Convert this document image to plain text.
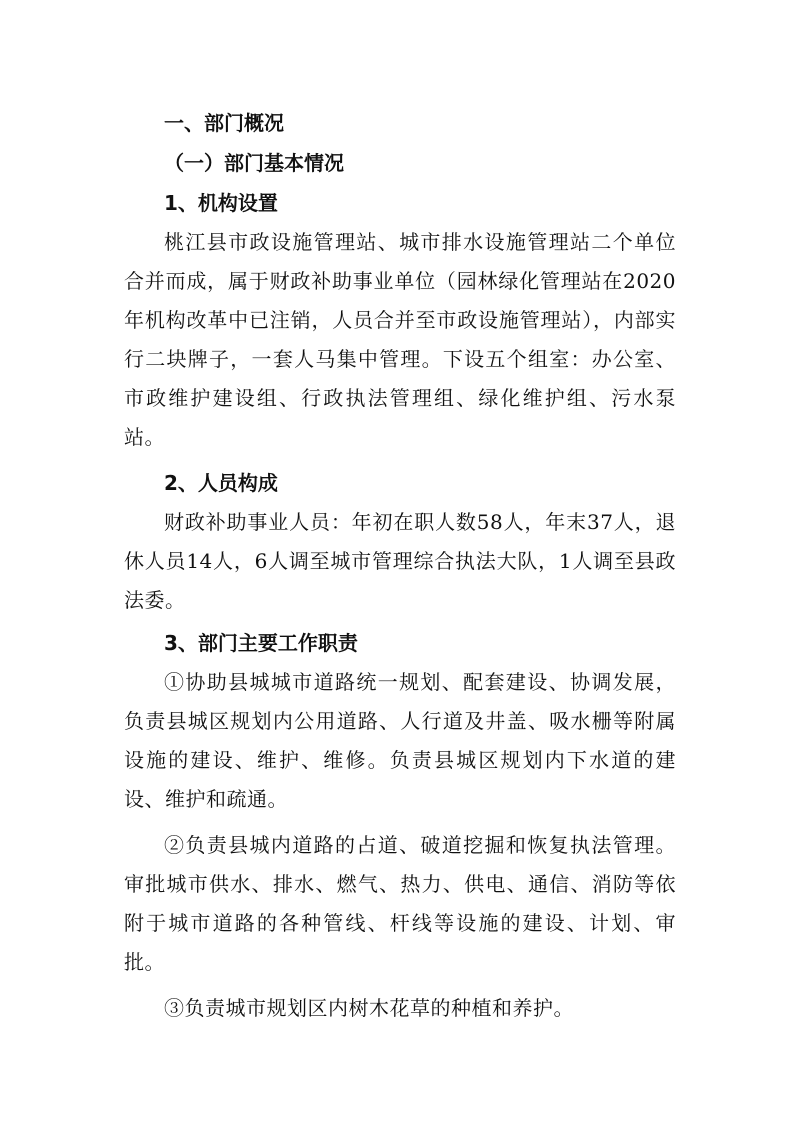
一、部门概况
（一）部门基本情况
1、机构设置

桃江县市政设施管理站、城市排水设施管理站二个单位合并而成，属于财政补助事业单位（园林绿化管理站在2020年机构改革中已注销，人员合并至市政设施管理站），内部实行二块牌子，一套人马集中管理。下设五个组室：办公室、市政维护建设组、行政执法管理组、绿化维护组、污水泵站。

2、人员构成

财政补助事业人员：年初在职人数58人，年末37人，退休人员14人，6人调至城市管理综合执法大队，1人调至县政法委。

3、部门主要工作职责

①协助县城城市道路统一规划、配套建设、协调发展，负责县城区规划内公用道路、人行道及井盖、吸水栅等附属设施的建设、维护、维修。负责县城区规划内下水道的建设、维护和疏通。

②负责县城内道路的占道、破道挖掘和恢复执法管理。审批城市供水、排水、燃气、热力、供电、通信、消防等依附于城市道路的各种管线、杆线等设施的建设、计划、审批。

③负责城市规划区内树木花草的种植和养护。
